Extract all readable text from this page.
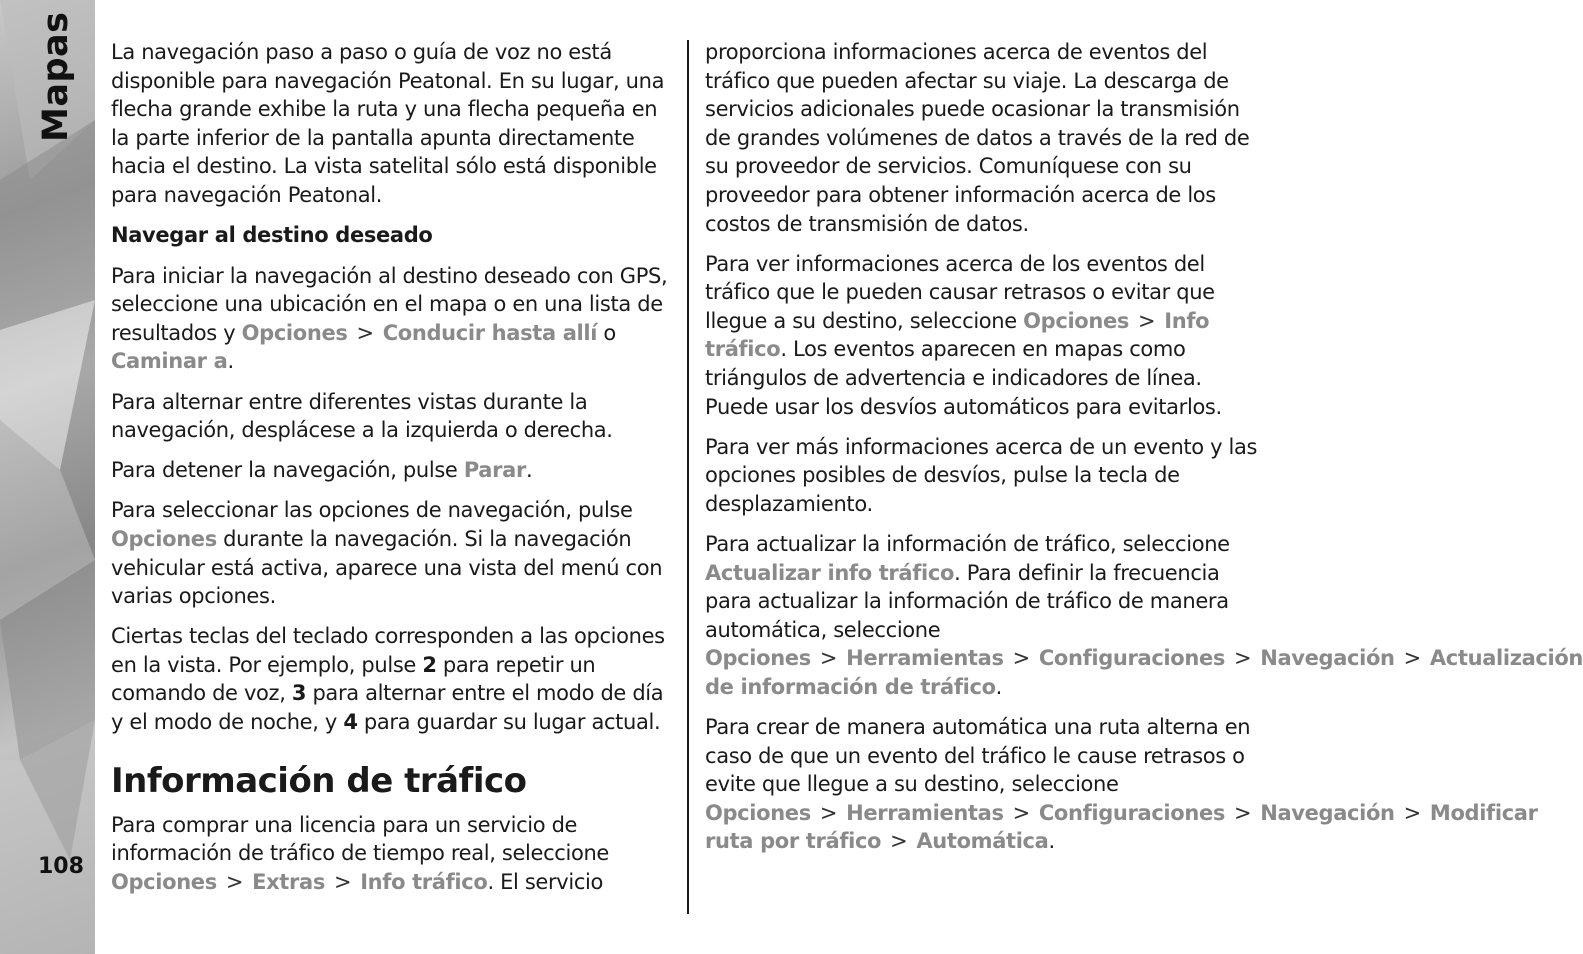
Mapas
108

La navegación paso a paso o guía de voz no está disponible para navegación Peatonal. En su lugar, una flecha grande exhibe la ruta y una flecha pequeña en la parte inferior de la pantalla apunta directamente hacia el destino. La vista satelital sólo está disponible para navegación Peatonal.

Navegar al destino deseado

Para iniciar la navegación al destino deseado con GPS, seleccione una ubicación en el mapa o en una lista de resultados y Opciones > Conducir hasta allí o Caminar a.

Para alternar entre diferentes vistas durante la navegación, desplácese a la izquierda o derecha.

Para detener la navegación, pulse Parar.

Para seleccionar las opciones de navegación, pulse Opciones durante la navegación. Si la navegación vehicular está activa, aparece una vista del menú con varias opciones.

Ciertas teclas del teclado corresponden a las opciones en la vista. Por ejemplo, pulse 2 para repetir un comando de voz, 3 para alternar entre el modo de día y el modo de noche, y 4 para guardar su lugar actual.

Información de tráfico

Para comprar una licencia para un servicio de información de tráfico de tiempo real, seleccione Opciones > Extras > Info tráfico. El servicio

proporciona informaciones acerca de eventos del tráfico que pueden afectar su viaje. La descarga de servicios adicionales puede ocasionar la transmisión de grandes volúmenes de datos a través de la red de su proveedor de servicios. Comuníquese con su proveedor para obtener información acerca de los costos de transmisión de datos.

Para ver informaciones acerca de los eventos del tráfico que le pueden causar retrasos o evitar que llegue a su destino, seleccione Opciones > Info tráfico. Los eventos aparecen en mapas como triángulos de advertencia e indicadores de línea. Puede usar los desvíos automáticos para evitarlos.

Para ver más informaciones acerca de un evento y las opciones posibles de desvíos, pulse la tecla de desplazamiento.

Para actualizar la información de tráfico, seleccione Actualizar info tráfico. Para definir la frecuencia para actualizar la información de tráfico de manera automática, seleccione Opciones > Herramientas > Configuraciones > Navegación > Actualización de información de tráfico.

Para crear de manera automática una ruta alterna en caso de que un evento del tráfico le cause retrasos o evite que llegue a su destino, seleccione Opciones > Herramientas > Configuraciones > Navegación > Modificar ruta por tráfico > Automática.
